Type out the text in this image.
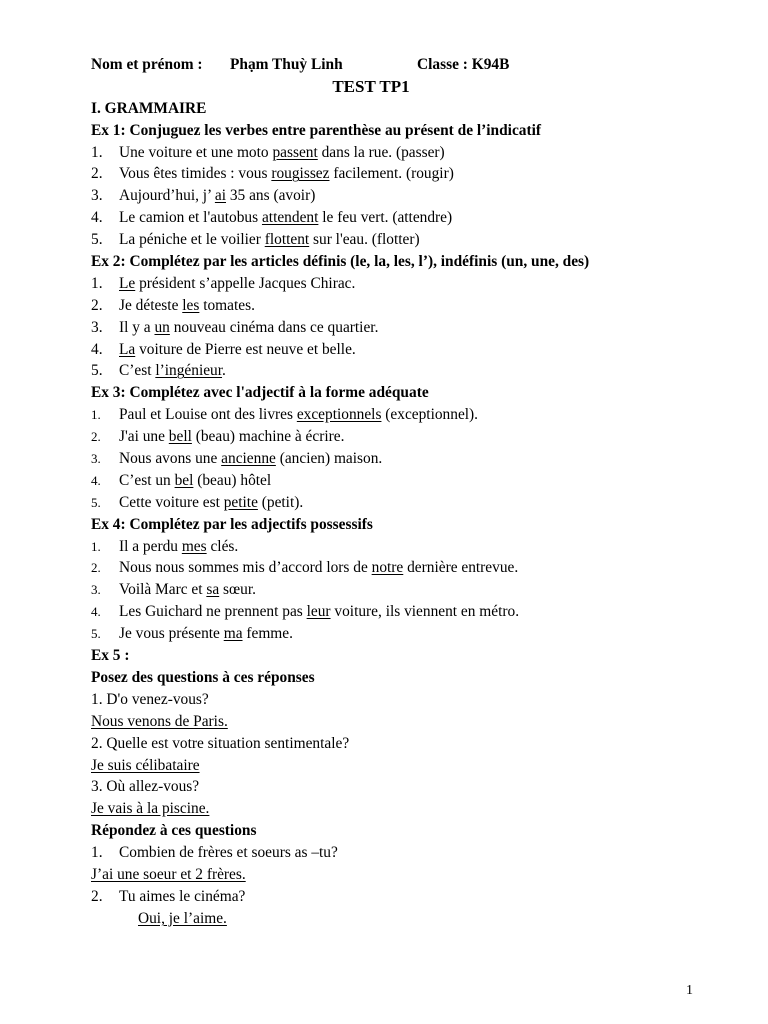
Nom et prénom : Phạm Thuỳ Linh	Classe : K94B
TEST TP1
I. GRAMMAIRE
Ex 1: Conjuguez les verbes entre parenthèse au présent de l’indicatif
1. Une voiture et une moto passent dans la rue. (passer)
2. Vous êtes timides : vous rougissez facilement. (rougir)
3. Aujourd’hui, j’ ai 35 ans (avoir)
4. Le camion et l'autobus attendent le feu vert. (attendre)
5. La péniche et le voilier flottent sur l'eau. (flotter)
Ex 2: Complétez par les articles définis (le, la, les, l’), indéfinis (un, une, des)
1. Le président s’appelle Jacques Chirac.
2. Je déteste les tomates.
3. Il y a un nouveau cinéma dans ce quartier.
4. La voiture de Pierre est neuve et belle.
5. C’est l’ingénieur.
Ex 3: Complétez avec l'adjectif à la forme adéquate
1. Paul et Louise ont des livres exceptionnels (exceptionnel).
2. J'ai une bell (beau) machine à écrire.
3. Nous avons une ancienne (ancien) maison.
4. C’est un bel (beau) hôtel
5. Cette voiture est petite (petit).
Ex 4: Complétez par les adjectifs possessifs
1. Il a perdu mes clés.
2. Nous nous sommes mis d’accord lors de notre dernière entrevue.
3. Voilà Marc et sa sœur.
4. Les Guichard ne prennent pas leur voiture, ils viennent en métro.
5. Je vous présente ma femme.
Ex 5 :
Posez des questions à ces réponses
1. D'o venez-vous?
Nous venons de Paris.
2. Quelle est votre situation sentimentale?
Je suis célibataire
3. Où allez-vous?
Je vais à la piscine.
Répondez à ces questions
1. Combien de frères et soeurs as –tu?
J’ai une soeur et 2 frères.
2. Tu aimes le cinéma?
Oui, je l’aime.
1
